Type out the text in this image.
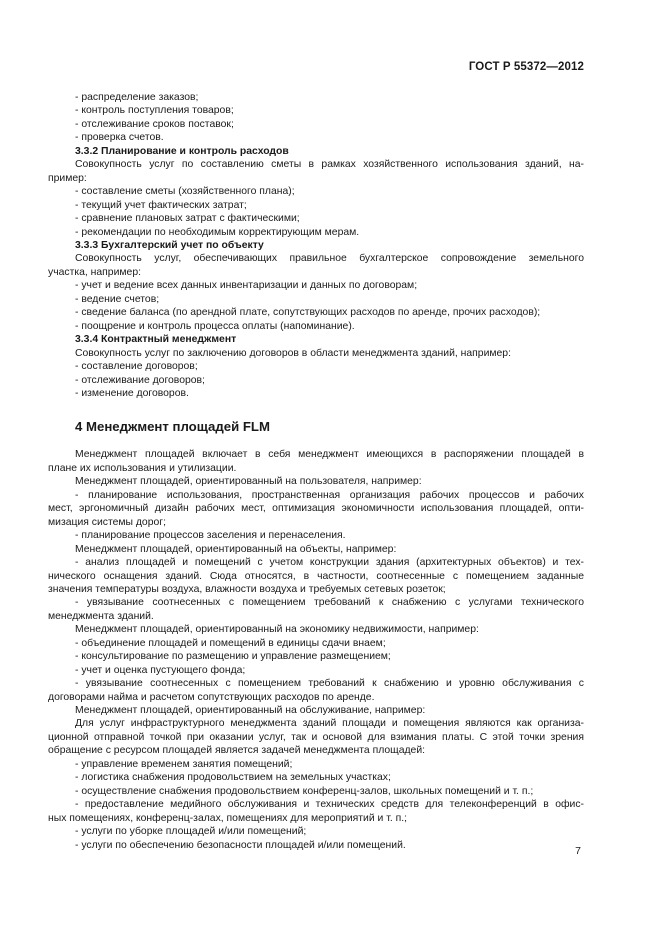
ГОСТ Р 55372—2012
- распределение заказов;
- контроль поступления товаров;
- отслеживание сроков поставок;
- проверка счетов.
3.3.2 Планирование и контроль расходов
Совокупность услуг по составлению сметы в рамках хозяйственного использования зданий, на-
пример:
- составление сметы (хозяйственного плана);
- текущий учет фактических затрат;
- сравнение плановых затрат с фактическими;
- рекомендации по необходимым корректирующим мерам.
3.3.3 Бухгалтерский учет по объекту
Совокупность услуг, обеспечивающих правильное бухгалтерское сопровождение земельного
участка, например:
- учет и ведение всех данных инвентаризации и данных по договорам;
- ведение счетов;
- сведение баланса (по арендной плате, сопутствующих расходов по аренде, прочих расходов);
- поощрение и контроль процесса оплаты (напоминание).
3.3.4 Контрактный менеджмент
Совокупность услуг по заключению договоров в области менеджмента зданий, например:
- составление договоров;
- отслеживание договоров;
- изменение договоров.
4 Менеджмент площадей FLM
Менеджмент площадей включает в себя менеджмент имеющихся в распоряжении площадей в
плане их использования и утилизации.
Менеджмент площадей, ориентированный на пользователя, например:
- планирование использования, пространственная организация рабочих процессов и рабочих
мест, эргономичный дизайн рабочих мест, оптимизация экономичности использования площадей, опти-
мизация системы дорог;
- планирование процессов заселения и перенаселения.
Менеджмент площадей, ориентированный на объекты, например:
- анализ площадей и помещений с учетом конструкции здания (архитектурных объектов) и тех-
нического оснащения зданий. Сюда относятся, в частности, соотнесенные с помещением заданные
значения температуры воздуха, влажности воздуха и требуемых сетевых розеток;
- увязывание соотнесенных с помещением требований к снабжению с услугами технического
менеджмента зданий.
Менеджмент площадей, ориентированный на экономику недвижимости, например:
- объединение площадей и помещений в единицы сдачи внаем;
- консультирование по размещению и управление размещением;
- учет и оценка пустующего фонда;
- увязывание соотнесенных с помещением требований к снабжению и уровню обслуживания с
договорами найма и расчетом сопутствующих расходов по аренде.
Менеджмент площадей, ориентированный на обслуживание, например:
Для услуг инфраструктурного менеджмента зданий площади и помещения являются как организа-
ционной отправной точкой при оказании услуг, так и основой для взимания платы. С этой точки зрения
обращение с ресурсом площадей является задачей менеджмента площадей:
- управление временем занятия помещений;
- логистика снабжения продовольствием на земельных участках;
- осуществление снабжения продовольствием конференц-залов, школьных помещений и т. п.;
- предоставление медийного обслуживания и технических средств для телеконференций в офис-
ных помещениях, конференц-залах, помещениях для мероприятий и т. п.;
- услуги по уборке площадей и/или помещений;
- услуги по обеспечению безопасности площадей и/или помещений.	7
